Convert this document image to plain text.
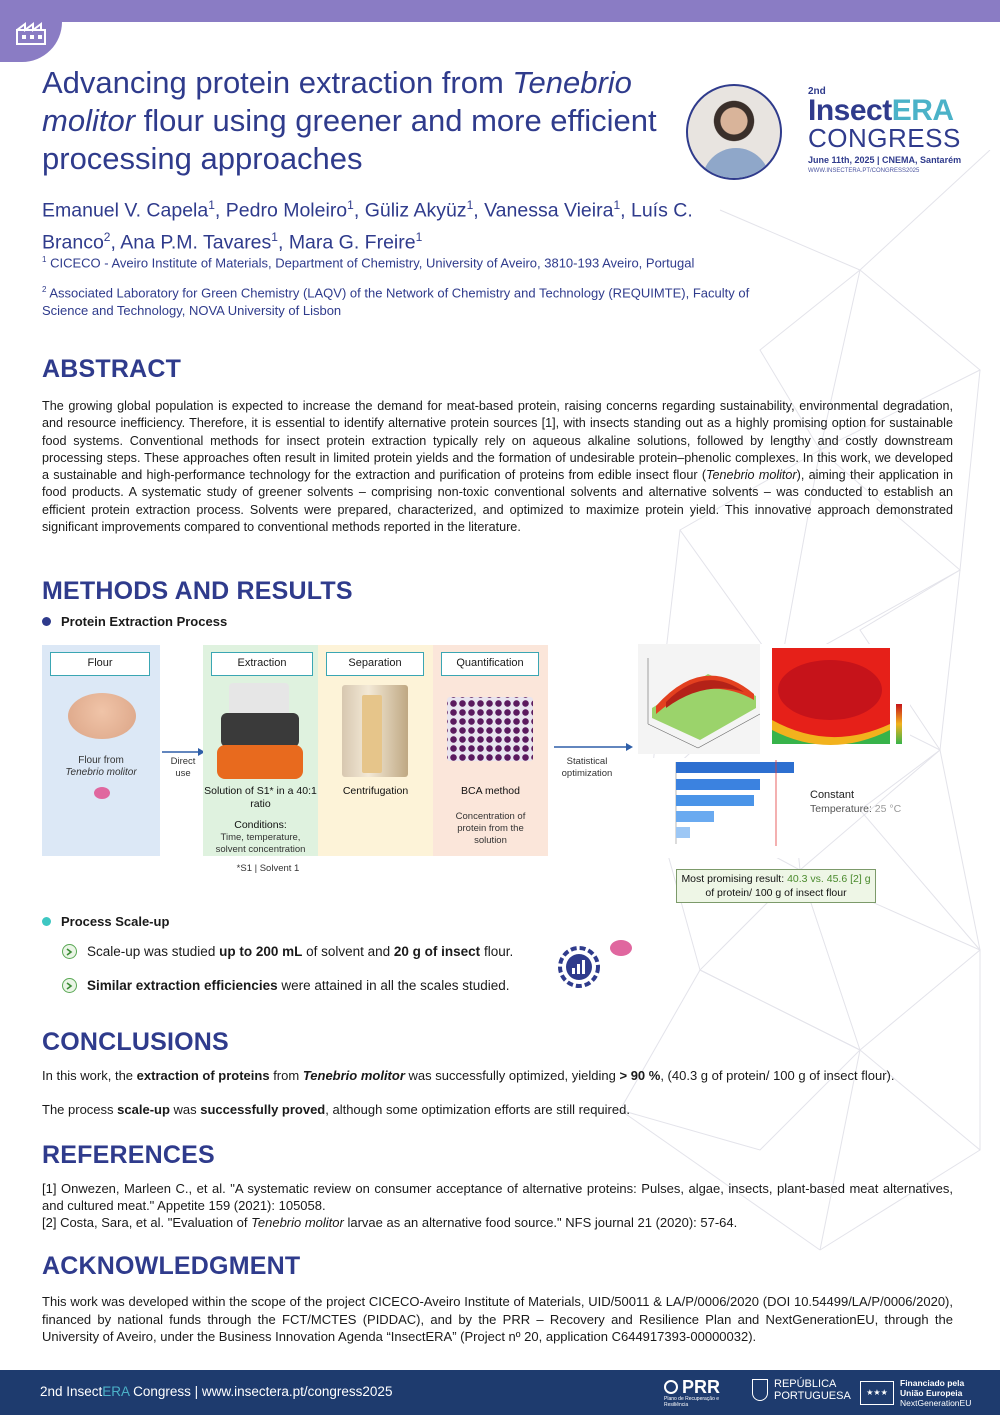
Advancing protein extraction from Tenebrio molitor flour using greener and more efficient processing approaches
2nd
InsectERA
CONGRESS
June 11th, 2025 | CNEMA, Santarém
WWW.INSECTERA.PT/CONGRESS2025
Emanuel V. Capela$^1$, Pedro Moleiro$^1$, Güliz Akyüz$^1$, Vanessa Vieira$^1$, Luís C. Branco$^2$, Ana P.M. Tavares$^1$, Mara G. Freire$^1$
$^1$ CICECO - Aveiro Institute of Materials, Department of Chemistry, University of Aveiro, 3810-193 Aveiro, Portugal
$^2$ Associated Laboratory for Green Chemistry (LAQV) of the Network of Chemistry and Technology (REQUIMTE), Faculty of Science and Technology, NOVA University of Lisbon
ABSTRACT

The growing global population is expected to increase the demand for meat-based protein, raising concerns regarding sustainability, environmental degradation, and resource inefficiency. Therefore, it is essential to identify alternative protein sources [1], with insects standing out as a highly promising option for sustainable food systems. Conventional methods for insect protein extraction typically rely on aqueous alkaline solutions, followed by lengthy and costly downstream processing steps. These approaches often result in limited protein yields and the formation of undesirable protein–phenolic complexes. In this work, we developed a sustainable and high-performance technology for the extraction and purification of proteins from edible insect flour (Tenebrio molitor), aiming their application in food products. A systematic study of greener solvents – comprising non-toxic conventional solvents and alternative solvents – was conducted to establish an efficient protein extraction process. Solvents were prepared, characterized, and optimized to maximize protein yield. This innovative approach demonstrated significant improvements compared to conventional methods reported in the literature.

METHODS AND RESULTS
Protein Extraction Process
Flour
Flour from
Tenebrio molitor
Direct use
Extraction
Solution of S1* in a 40:1 ratio
Conditions:
Time, temperature, solvent concentration
Separation
Centrifugation
Quantification
BCA method
Concentration of protein from the solution
*S1 | Solvent 1
Statistical optimization
Constant
Temperature: 25 °C
Most promising result: 40.3 vs. 45.6 [2] g
of protein/ 100 g of insect flour
Process Scale-up
Scale-up was studied up to 200 mL of solvent and 20 g of insect flour.
Similar extraction efficiencies were attained in all the scales studied.
CONCLUSIONS

In this work, the extraction of proteins from Tenebrio molitor was successfully optimized, yielding > 90 %, (40.3 g of protein/ 100 g of insect flour).

The process scale-up was successfully proved, although some optimization efforts are still required.

REFERENCES

[1] Onwezen, Marleen C., et al. "A systematic review on consumer acceptance of alternative proteins: Pulses, algae, insects, plant-based meat alternatives, and cultured meat." Appetite 159 (2021): 105058.

[2] Costa, Sara, et al. "Evaluation of Tenebrio molitor larvae as an alternative food source." NFS journal 21 (2020): 57-64.

ACKNOWLEDGMENT

This work was developed within the scope of the project CICECO-Aveiro Institute of Materials, UID/50011 & LA/P/0006/2020 (DOI 10.54499/LA/P/0006/2020), financed by national funds through the FCT/MCTES (PIDDAC), and by the PRR – Recovery and Resilience Plan and NextGenerationEU, through the University of Aveiro, under the Business Innovation Agenda “InsectERA” (Project nº 20, application C644917393-00000032).

2nd InsectERA Congress | www.insectera.pt/congress2025	PRR
Plano de Recuperação e Resiliência
REPÚBLICA
PORTUGUESA	★★★
Financiado pela
União Europeia
NextGenerationEU
